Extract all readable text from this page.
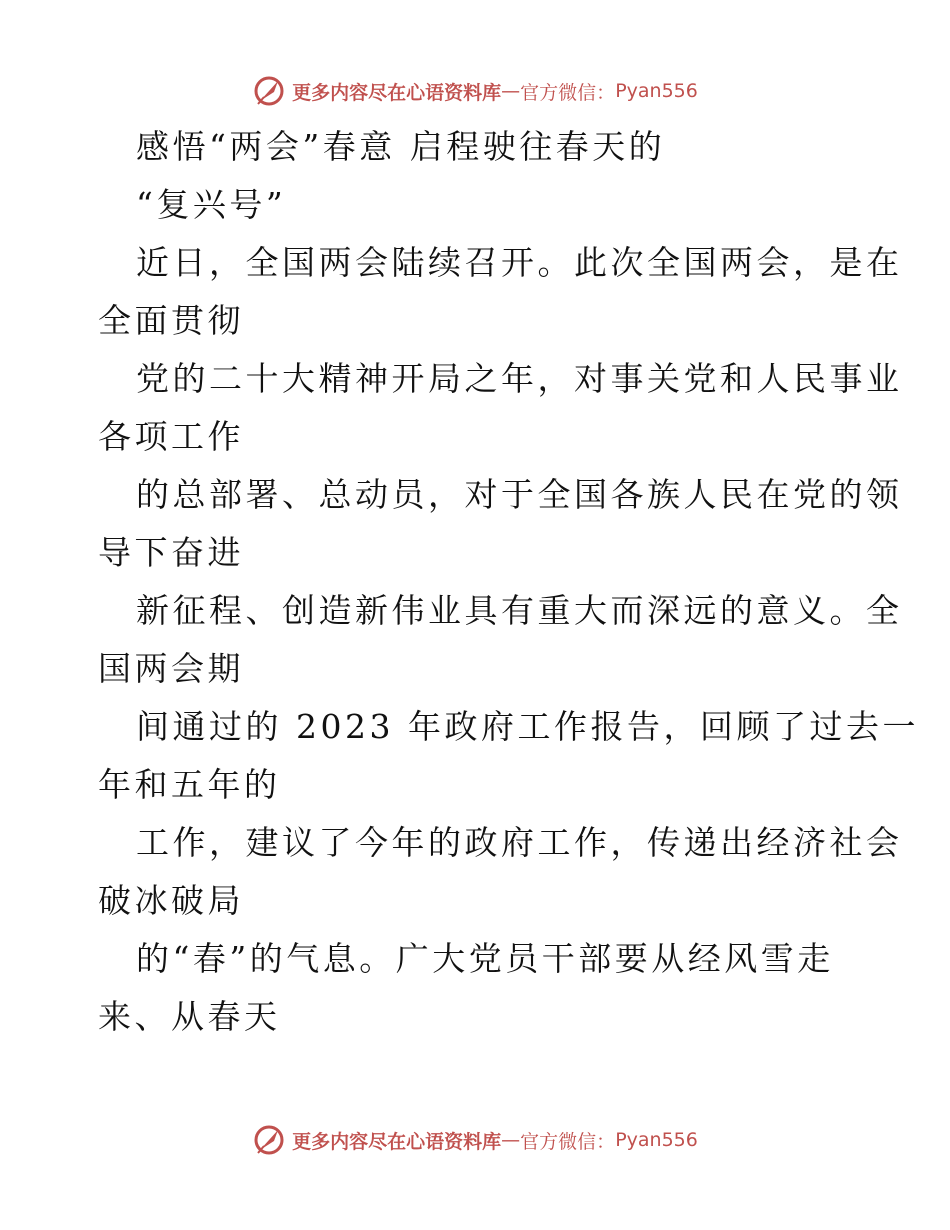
更多内容尽在心语资料库 — 官方微信： Pyan556
感悟“两会”春意 启程驶往春天的
“复兴号”
近日，全国两会陆续召开。此次全国两会，是在
全面贯彻
党的二十大精神开局之年，对事关党和人民事业
各项工作
的总部署、总动员，对于全国各族人民在党的领
导下奋进
新征程、创造新伟业具有重大而深远的意义。全
国两会期
间通过的 2023 年政府工作报告，回顾了过去一
年和五年的
工作，建议了今年的政府工作，传递出经济社会
破冰破局
的“春”的气息。广大党员干部要从经风雪走
来、从春天
更多内容尽在心语资料库 — 官方微信： Pyan556
